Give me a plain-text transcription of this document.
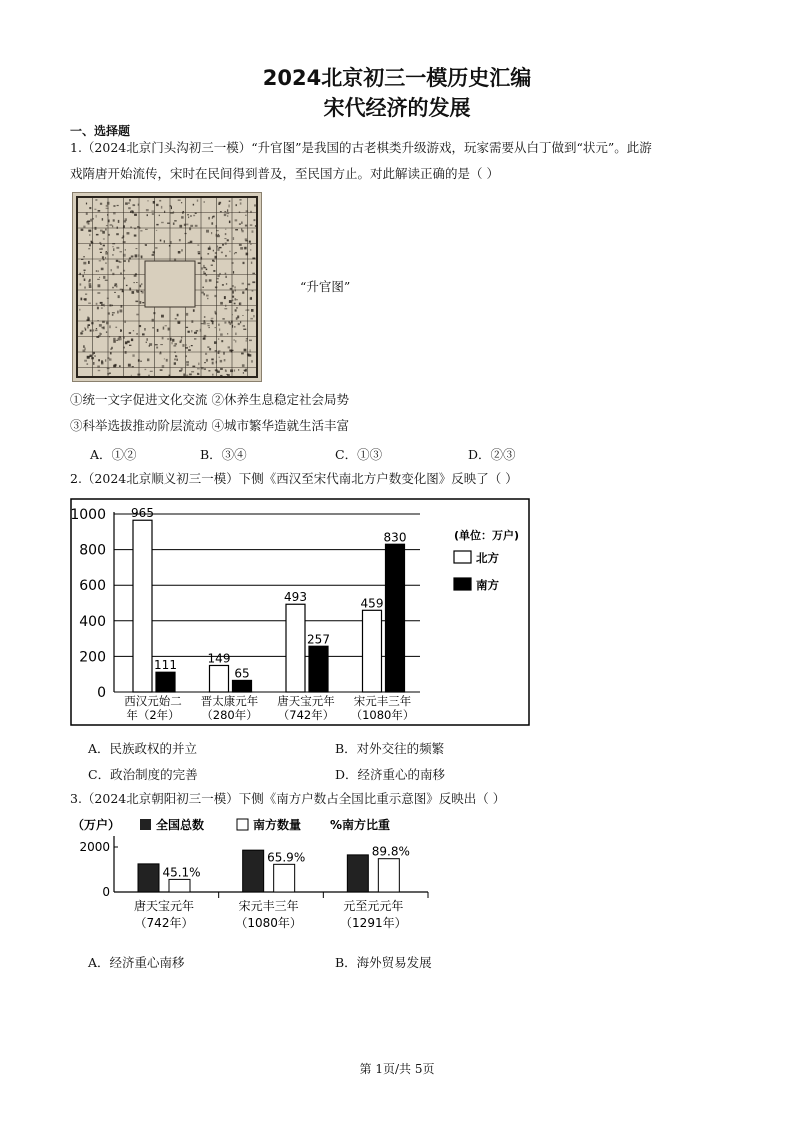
2024北京初三一模历史汇编
宋代经济的发展
一、选择题
1.（2024北京门头沟初三一模）“升官图”是我国的古老棋类升级游戏，玩家需要从白丁做到“状元”。此游
戏隋唐开始流传，宋时在民间得到普及，至民国方止。对此解读正确的是（ ）
“升官图”
①统一文字促进文化交流 ②休养生息稳定社会局势
③科举选拔推动阶层流动 ④城市繁华造就生活丰富
A．①②	B．③④	C．①③	D．②③
2.（2024北京顺义初三一模）下侧《西汉至宋代南北方户数变化图》反映了（ ）
0
200
400
600
800
1000 965
111
西汉元始二
年（2年）
149
65
晋太康元年
（280年）
493
257
唐天宝元年
（742年）
459
830
宋元丰三年
（1080年）
(单位：万户)
北方
南方
A．民族政权的并立	B．对外交往的频繁
C．政治制度的完善	D．经济重心的南移
3.（2024北京朝阳初三一模）下侧《南方户数占全国比重示意图》反映出（ ）
（万户）	全国总数	南方数量 %南方比重
0
2000
45.1%
唐天宝元年
（742年）
65.9%
宋元丰三年
（1080年）
89.8%
元至元元年
（1291年）
A．经济重心南移	B．海外贸易发展
第 1页/共 5页
